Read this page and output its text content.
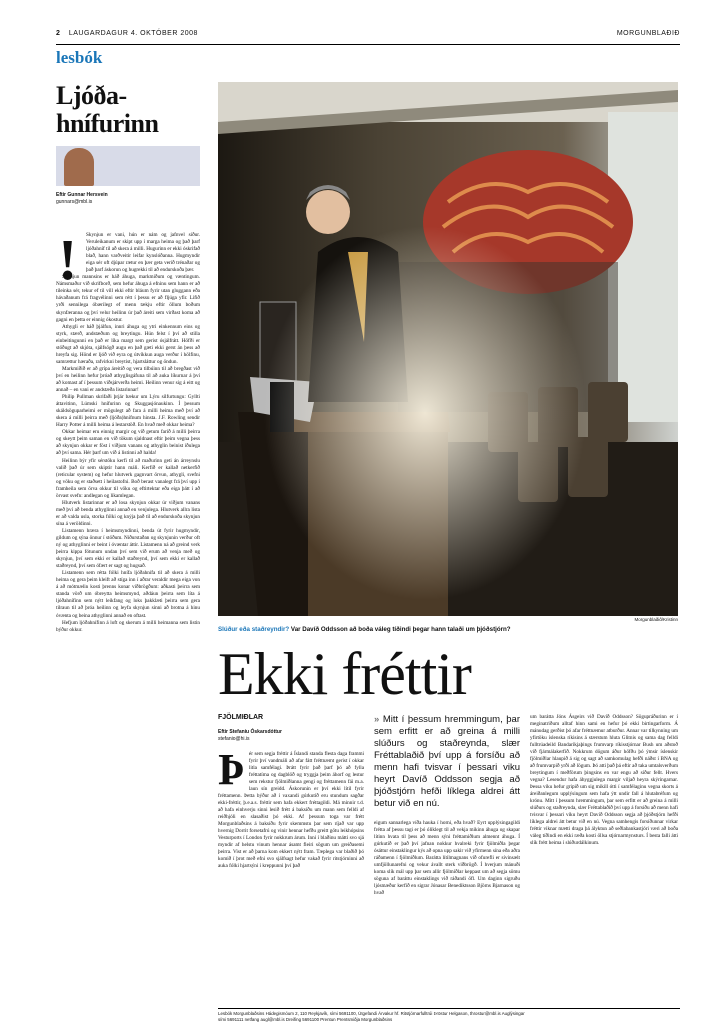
2 LAUGARDAGUR 4. OKTÓBER 2008	MORGUNBLAÐIÐ
lesbók
Ljóða-
hnífurinn
Eftir Gunnar Hersvein
gunnars@mbl.is
!	Skynjun er vani, hún er nám og jafnvel siður. Veruleikanum er skipt upp í marga heima og það þarf ljóðahníf til að skera á milli. Hugurinn er ekki óskrifað blað, hann varðveitir leifar kynslóðanna. Hugmyndir eiga sér oft djúpar rætur en þær geta verið trénaðar og það þarf áskorun og hugrekki til að endurskoða þær.

Skynjun mannsins er háð áhuga, markmiðum og væntingum. Námsmaður við skrifborð, sem hefur áhuga á efninu sem hann er að tileinka sér, tekur ef til vill ekki eftir bláum fyrir utan gluggann eða hávaðanum frá fragvélinni sem rétt í þessu er að fljúga yfir. Lífið yrði sennilega óbærilegt ef menn tækju eftir öllum boðum skynfæranna og því velur heilinn úr það áreiti sem virðast koma að gagni en þetta er einnig ókostur.

Athygli er háð þjálfun, innri áhuga og ytri einkennum eins og styrk, stærð, andstæðum og breytingu. Hún felst í því að stilla einbeitingunni en það er líka margt sem gerist ósjálfrátt. Höfði er stöðugt að skjóta, sjálfsögð augu en það gæti ekki gerst án þess að hreyfa sig. Hönd er ljóð við eyra og útvíkkun auga verður í hölfinu, samrættur hæraða, rafvirkni breytist, hjartsláttur og öndun.

Markmiðið er að grípa áreitið og vera tilbúinn til að bregðast við því en heilinn hefur þróað athyglisgáfuna til að auka líkurnar á því að komast af í þessum viðsjárverða heimi. Heilinn venur sig á eitt og annað – en vani er andstæða listarinnar!

Philip Pullman skrifaði þrjár bækur um Lýru silfurtungu: Gyllti áttavitinn, Lúmski hnífurinn og Skuggasjónaukinn. Í þessum skáldsöguparheimi er mögulegt að fara á milli heima með því að skera á milli þeirra með (ljóða)hnífnum hinsta. J.F. Rowling sendir Harry Potter á milli heima á lestarstöð. En hvað með okkar heima?

Okkar heimar eru einnig margir og við getum farið á milli þeirra og skeytt þeim saman en við tökum sjaldnast eftir þeim vegna þess að skynjun okkar er föst í viðjum vanans og athyglin beinist iðulega að því sama. Hér þarf um við á listinni að halda!

Heilinn býr yfir sérstöku kerfi til að maðurinn geti án árreynslu valið það úr sem skiptir hann máli. Kerfið er kallað netkerfið (reticular system) og hefur hlutverk gagnvart örvun, athygli, svefni og vöku og er staðsett í heilastofni. Boð berast vanalegt frá því upp í framheila sem örva okkur til vöku og eftirtektar eða eiga þátt í að örvast svefn: andlegan og líkamlegan.

Hlutverk listarinnar er að losa skynjun okkar úr viðjum vanans með því að benda athyglinni annað en venjulega. Hlutverk allra lista er að valda usla, storka fólki og knýja það til að endurskoða skynjun sína á veröldinni.

Listamenn hræra í heimsmyndinni, benda út fyrir hugmyndir, gildum og sýna önnur í stöðum. Niðurstaðan og skynjunin verður oft ný og athyglinni er beint í óvæntar áttir. Listamenn ná að greind verk þeirra kippa fótunum undan því sem við erum að venja með og skynjun, því sem ekki er kallað staðreynd, því sem ekki er kallað staðreynd, því sem ófært er sagt og hugsað.

Listamenn sem rétta fólki hnífa ljóðahnífa til að skera á milli heima og gera þeim kleift að stíga inn í aðrar veraldir mega eiga von á að mótmælin kosti þrenns konar viðbrögðum: aðkasti þeirra sem standa vörð um óbreytta heimsmynd, aðdáun þeirra sem líta á ljóðahnífinn sem nýtt leikfang og loks þakklæti þeirra sem gera tilraun til að þróa heilinn og leyfa skynjun sinni að brotna á hinu óvænta og beina athyglinni annað en oftast.

Hefjum ljóðahnífinn á loft og skerum á milli heimanna sem listin býður okkur.

Morgunblaðið/Kristinn
Slúður eða staðreyndir? Var Davíð Oddsson að boða váleg tíðindi þegar hann talaði um þjóðstjórn?
Ekki fréttir
FJÖLMIÐLAR
Eftir Stefaníu Óskarsdóttur
stefanio@hi.is
Þér sem segja fréttir á Íslandi standa flesta daga frammi fyrir því vandmáli að afar fátt fréttnæmt gerist í okkar litla samfélagi. Þrátt fyrir það þarf þó að fylla fréttatíma og dagblöð og tryggja þeim áhorf og lestur sem rekstur fjölmiðlanna gengi og fréttamenn fái m.a. laun sín greidd. Áskorunin er því ekki lítil fyrir fréttamenn. Þetta býður að í vaxandi gúrkutíð eru stundum sagðar ekki-fréttir, þ.e.a.s. fréttir sem hafa ekkert fréttagildi. Má minnir t.d. að hafa einhverju sinni lesið frétt á baksíðu um mann sem felldi af reiðhjóli en slasaðist þó ekki. Af þessum toga var frétt Morgunblaðsins á baksíðu fyrir skemmstu þar sem ríjað var upp hvernig Dorrit forsetafrú og vinir hennar hefðu greitt götu leikhópsins Vesturports í London fyrir nokkrum árum. Inni í blaðinu mátti svo sjá myndir af helstu vinum hennar ásamt fleiri sögum um greiðasemi þeirra. Vist er að þarna kom ekkert nýtt fram. Tæplega var blaðið þó komið í þrot með efni svo sjálfsagt hefur vakað fyrir ritstjórninni að auka fólki hjartsýni í kreppunni því það
» Mitt í þessum hremmingum, þar sem erfitt er að greina á milli slúðurs og staðreynda, slær Fréttablaðið því upp á forsíðu að menn hafi tvisvar í þessari viku heyrt Davíð Oddsson segja að þjóðstjórn hefði líklega aldrei átt betur við en nú.
eigum sannarlega víða hauka í horni, eða hvað? Eyrt upplýsingagildi frétta af þessu tagi er þó ólíklegt til að vekja mikinn áhuga og skapar lítinn hvata til þess að menn sýni fréttamiðlum almennt áhuga. Í gúrkutíð er það því jafnan nokkur hvalreki fyrir fjölmiðla þegar ósáttur einstaklingur kýs að opna upp sakir við yfirmenn sína eða aðra ráðamenn í fjölmiðlum. Barátta lítilmagnans við ofurefli er sívinsælt umfjöllunarefni og vekur ávallt sterk viðbrögð. Í hverjum mánuði koma slík mál upp þar sem allir fjölmiðlar keppast um að segja sömu söguna af baráttu einstaklings við ráðandi öfl. Um daginn sigruðu ljósmæður kerfið en sigrar Jónasar Benediktsson Björns Bjarnason og hvað
um barátta Jóns Ásgeirs við Davíð Oddsson? Sögupráðurinn er í meginatriðum alltaf hinn sami en hefur þó ekki birtingarform. Á mánudag gerðist þó afar fréttnæmur atburður. Annar var tilkynning um yfirtöku íslenska ríkisins á stærstum hluta Glitnis og sama dag felldi fulltrúadeild Bandaríkjaþings frumvarp ríkisstjórnar Bush um aðstoð við fjármálakerfið. Nokkrum dögum áður höfðu þó ýmsir íslenskir fjölmiðlar hlaupið á sig og sagt að samkomulag hefði náðst í BNA og að frumvarpið yrði að lögum. Þó atti það þá eftir að taka umtalsverðum breytingum í meðförum þingsins en var engu að síður fellt. Hvers vegna? Lesendur hafa áhyggjulega margir viljað heyra skýringarnar. Þessa viku hefur gripið um sig mikill ótti í samfélaginu vegna skorts á áreiðanlegum upplýsingum sem hafa ýtt undir fall á hlutabréfum og krónu. Mitt í þessum hremmingum, þar sem erfitt er að greina á milli slúðurs og staðreynda, slær Fréttablaðið því upp á forsíðu að menn hafi tvisvar í þessari viku heyrt Davíð Oddsson segja að þjóðstjórn hefði líklega aldrei átt betur við en nú. Vegna samhengis forsíðunnar virkar fréttir viknar mætti draga þá ályktun að seðlabankastjóri væri að boða váleg tíðindi en ekki ræða kosti öllsa stjórnarmynsturs. Í besta falli átti slík frétt heima í slúðurdálkinum.
Lesbók Morgunblaðsins Hádegismóum 2, 110 Reykjavík, sími 5691100, Útgefandi Árvakur hf. Ritstjórnarfulltrúi Þröstur Helgason, throstur@mbl.is Auglýsingar
sími 5691111 netfang augl@mbl.is Dreifing 5691100 Prentun Prentsmiðja Morgunblaðsins
